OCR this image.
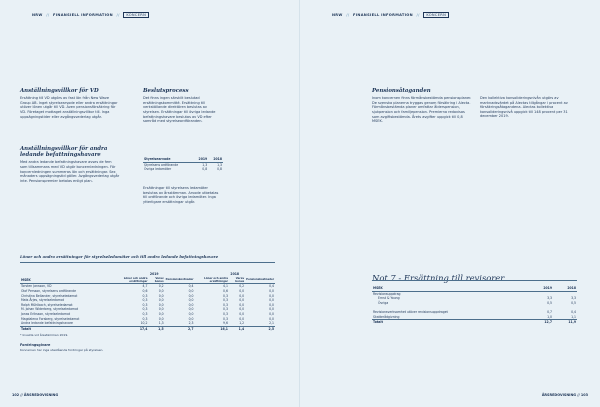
NRW // FINANSIELL INFORMATION // KONCERN
Anställningsvillkor för VD
Ersättning till VD utgörs av fast lön från New Wave Group AB. Inget styrelsearvode eller andra ersättningar utöver lönen utgår till VD. Även pensionsförsäkring för VD. Företaget mottaget anställningsvillkor till. Inga uppsägningstider eller avgångsvederlag utgår.
Anställningsvillkor för andra ledande befattningshavare
Med andra ledande befattningshavare avses de fem som tillsammans med VD utgör koncernledningen. För koncernledningen summeras lön och ersättningar. Sex månaders uppsägningstid gäller. Avgångsvederlag utgår inte. Pensionspremier betalas enligt plan.
Beslutsprocess
Det finns ingen särskilt beslutad ersättningskommitté. Ersättning till verkställande direktören beslutas av styrelsen. Ersättningar till övriga ledande befattningshavare beslutas av VD efter samråd med styrelseordföranden.
Styrelsearvode	2019	2018
Styrelsens ordförande	1,3	1,3
Övriga ledamöter	0,8	0,8
Ersättningar till styrelsens ledamöter beslutas av årsstämman. Arvode utbetalas till ordförande och övriga ledamöter. Inga ytterligare ersättningar utgår.
Löner och andra ersättningar för styrelseledamöter och till andra ledande befattningshavare
	2019			2018		
MSEK	Löner och andra ersättningar	Varav bonus	Pensionskostnader	Löner och andra ersättningar	Varav bonus	Pensionskostnader
Torsten Jansson, VD	4,7	0,2	0,4	4,1	0,2	0,4
Olof Persson, styrelsens ordförande	0,6	0,0	0,0	0,6	0,0	0,0
Christina Bellander, styrelseledamot	0,3	0,0	0,0	0,3	0,0	0,0
Mats Årjes, styrelseledamot	0,3	0,0	0,0	0,3	0,0	0,0
Ralph Mühlbach, styrelseledamot	0,3	0,0	0,0	0,3	0,0	0,0
M. Johan Widerberg, styrelseledamot	0,3	0,0	0,0	0,3	0,0	0,0
Jonas Eriksson, styrelseledamot	0,3	0,0	0,0	0,3	0,0	0,0
Magdalena Forsberg, styrelseledamot	0,3	0,0	0,0	0,3	0,0	0,0
Andra ledande befattningshavare	10,2	1,3	2,3	9,6	1,2	2,1
Totalt	17,4	1,5	2,7	16,1	1,4	2,5
* Invalda vid årsstämman 2019.
Fordringsgivare
Koncernen har inga utestående fordringar på styrelsen.
102 // ÅRSREDOVISNING
NRW // FINANSIELL INFORMATION // KONCERN
Pensionsåtaganden
Inom koncernen finns förmånsbestämda pensionsplaner. De svenska planerna tryggas genom försäkring i Alecta. Förmånsbestämda planer omfattar ålderspension, sjukpension och familjepension. Premierna redovisas som avgiftsbestämda. Årets avgifter uppgick till 0,8 MSEK.
Den kollektiva konsolideringsnivån utgörs av marknadsvärdet på Alectas tillgångar i procent av försäkringsåtagandena. Alectas kollektiva konsolideringsnivå uppgick till 148 procent per 31 december 2019.
Not 7 - Ersättning till revisorer
MSEK	2019	2018
Revisionsuppdrag		
Ernst & Young	3,3	3,3
Övriga	0,5	0,5

Revisionsverksamhet utöver revisionsuppdraget	0,7	0,4
Skatterådgivning	1,0	1,1
Totalt	12,7	11,9
ÅRSREDOVISNING // 103
